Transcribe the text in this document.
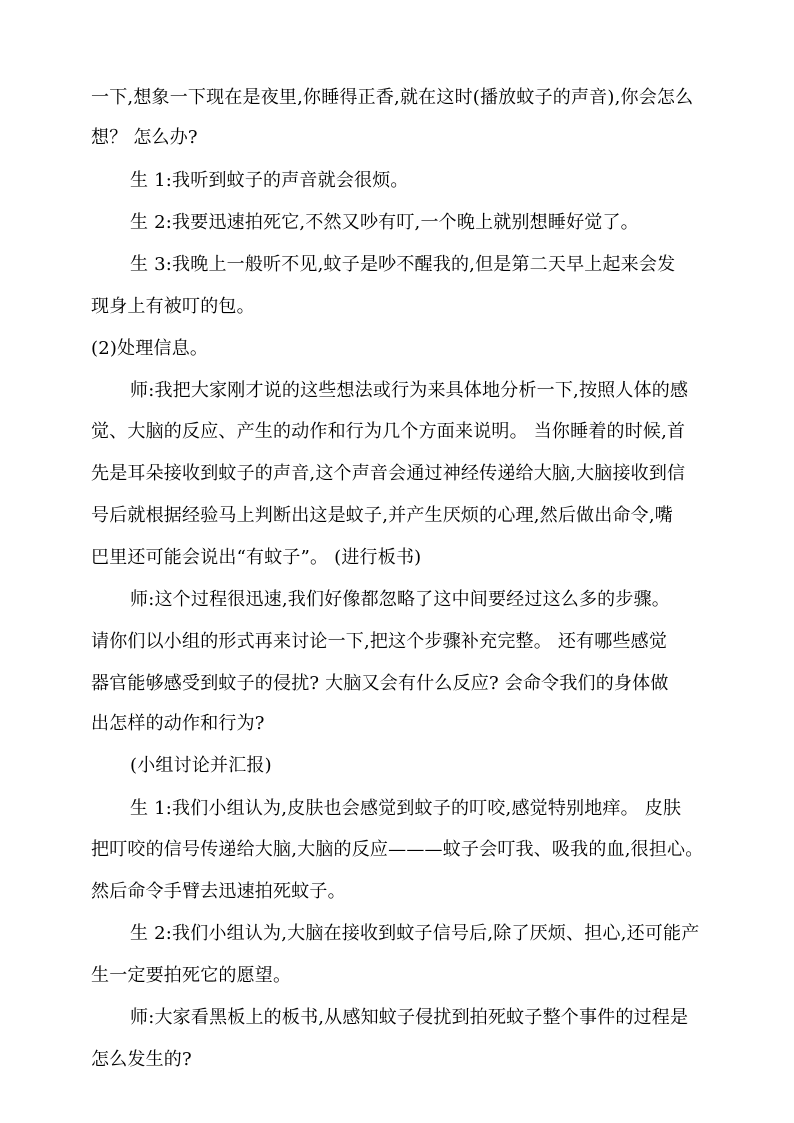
一下,想象一下现在是夜里,你睡得正香,就在这时(播放蚊子的声音),你会怎么
想？ 怎么办?
生 1:我听到蚊子的声音就会很烦。
生 2:我要迅速拍死它,不然又吵有叮,一个晚上就别想睡好觉了。
生 3:我晚上一般听不见,蚊子是吵不醒我的,但是第二天早上起来会发
现身上有被叮的包。
(2)处理信息。
师:我把大家刚才说的这些想法或行为来具体地分析一下,按照人体的感
觉、大脑的反应、产生的动作和行为几个方面来说明。 当你睡着的时候,首
先是耳朵接收到蚊子的声音,这个声音会通过神经传递给大脑,大脑接收到信
号后就根据经验马上判断出这是蚊子,并产生厌烦的心理,然后做出命令,嘴
巴里还可能会说出“有蚊子”。 (进行板书)
师:这个过程很迅速,我们好像都忽略了这中间要经过这么多的步骤。
请你们以小组的形式再来讨论一下,把这个步骤补充完整。 还有哪些感觉
器官能够感受到蚊子的侵扰? 大脑又会有什么反应? 会命令我们的身体做
出怎样的动作和行为?
(小组讨论并汇报)
生 1:我们小组认为,皮肤也会感觉到蚊子的叮咬,感觉特别地痒。 皮肤
把叮咬的信号传递给大脑,大脑的反应———蚊子会叮我、吸我的血,很担心。
然后命令手臂去迅速拍死蚊子。
生 2:我们小组认为,大脑在接收到蚊子信号后,除了厌烦、担心,还可能产
生一定要拍死它的愿望。
师:大家看黑板上的板书,从感知蚊子侵扰到拍死蚊子整个事件的过程是
怎么发生的?
